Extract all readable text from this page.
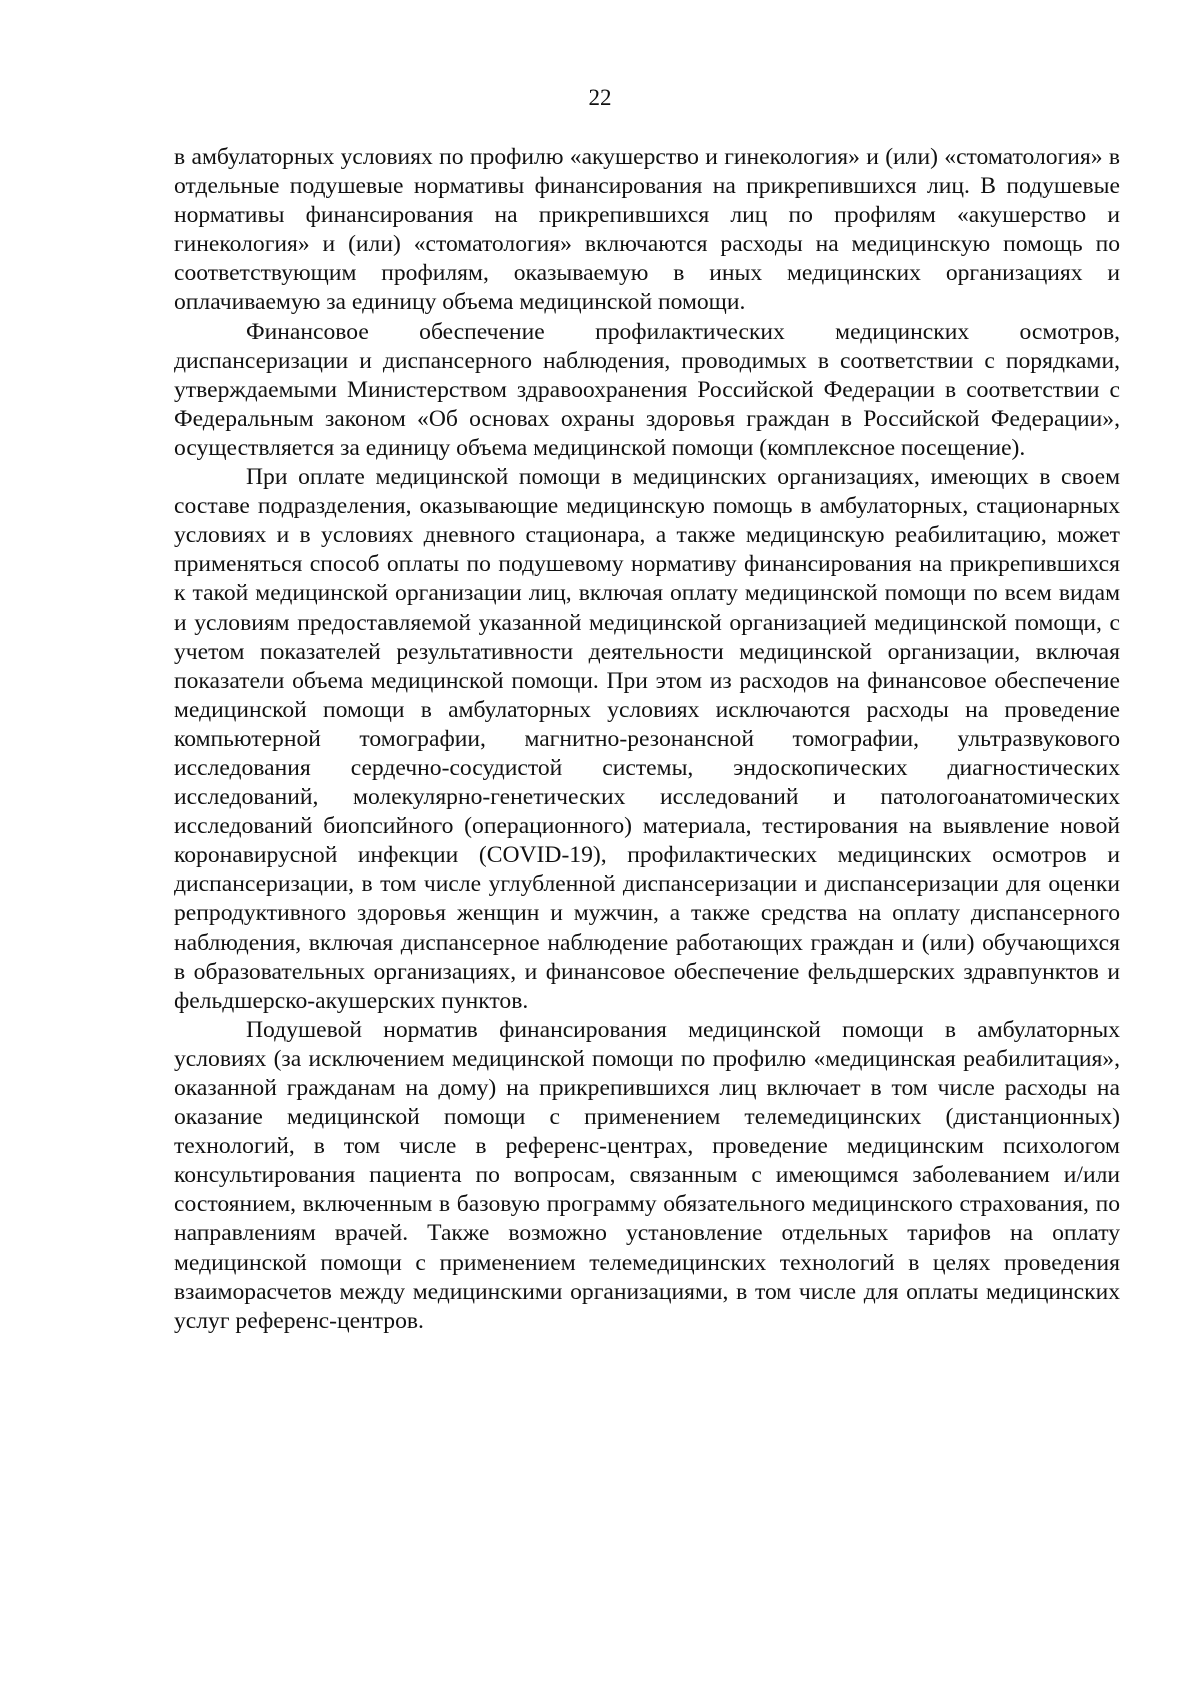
22

в амбулаторных условиях по профилю «акушерство и гинекология» и (или) «стоматология» в отдельные подушевые нормативы финансирования на прикрепившихся лиц. В подушевые нормативы финансирования на прикрепившихся лиц по профилям «акушерство и гинекология» и (или) «стоматология» включаются расходы на медицинскую помощь по соответствующим профилям, оказываемую в иных медицинских организациях и оплачиваемую за единицу объема медицинской помощи.

Финансовое обеспечение профилактических медицинских осмотров, диспансеризации и диспансерного наблюдения, проводимых в соответствии с порядками, утверждаемыми Министерством здравоохранения Российской Федерации в соответствии с Федеральным законом «Об основах охраны здоровья граждан в Российской Федерации», осуществляется за единицу объема медицинской помощи (комплексное посещение).

При оплате медицинской помощи в медицинских организациях, имеющих в своем составе подразделения, оказывающие медицинскую помощь в амбулаторных, стационарных условиях и в условиях дневного стационара, а также медицинскую реабилитацию, может применяться способ оплаты по подушевому нормативу финансирования на прикрепившихся к такой медицинской организации лиц, включая оплату медицинской помощи по всем видам и условиям предоставляемой указанной медицинской организацией медицинской помощи, с учетом показателей результативности деятельности медицинской организации, включая показатели объема медицинской помощи. При этом из расходов на финансовое обеспечение медицинской помощи в амбулаторных условиях исключаются расходы на проведение компьютерной томографии, магнитно-резонансной томографии, ультразвукового исследования сердечно-сосудистой системы, эндоскопических диагностических исследований, молекулярно-генетических исследований и патологоанатомических исследований биопсийного (операционного) материала, тестирования на выявление новой коронавирусной инфекции (COVID-19), профилактических медицинских осмотров и диспансеризации, в том числе углубленной диспансеризации и диспансеризации для оценки репродуктивного здоровья женщин и мужчин, а также средства на оплату диспансерного наблюдения, включая диспансерное наблюдение работающих граждан и (или) обучающихся в образовательных организациях, и финансовое обеспечение фельдшерских здравпунктов и фельдшерско-акушерских пунктов.

Подушевой норматив финансирования медицинской помощи в амбулаторных условиях (за исключением медицинской помощи по профилю «медицинская реабилитация», оказанной гражданам на дому) на прикрепившихся лиц включает в том числе расходы на оказание медицинской помощи с применением телемедицинских (дистанционных) технологий, в том числе в референс-центрах, проведение медицинским психологом консультирования пациента по вопросам, связанным с имеющимся заболеванием и/или состоянием, включенным в базовую программу обязательного медицинского страхования, по направлениям врачей. Также возможно установление отдельных тарифов на оплату медицинской помощи с применением телемедицинских технологий в целях проведения взаиморасчетов между медицинскими организациями, в том числе для оплаты медицинских услуг референс-центров.
